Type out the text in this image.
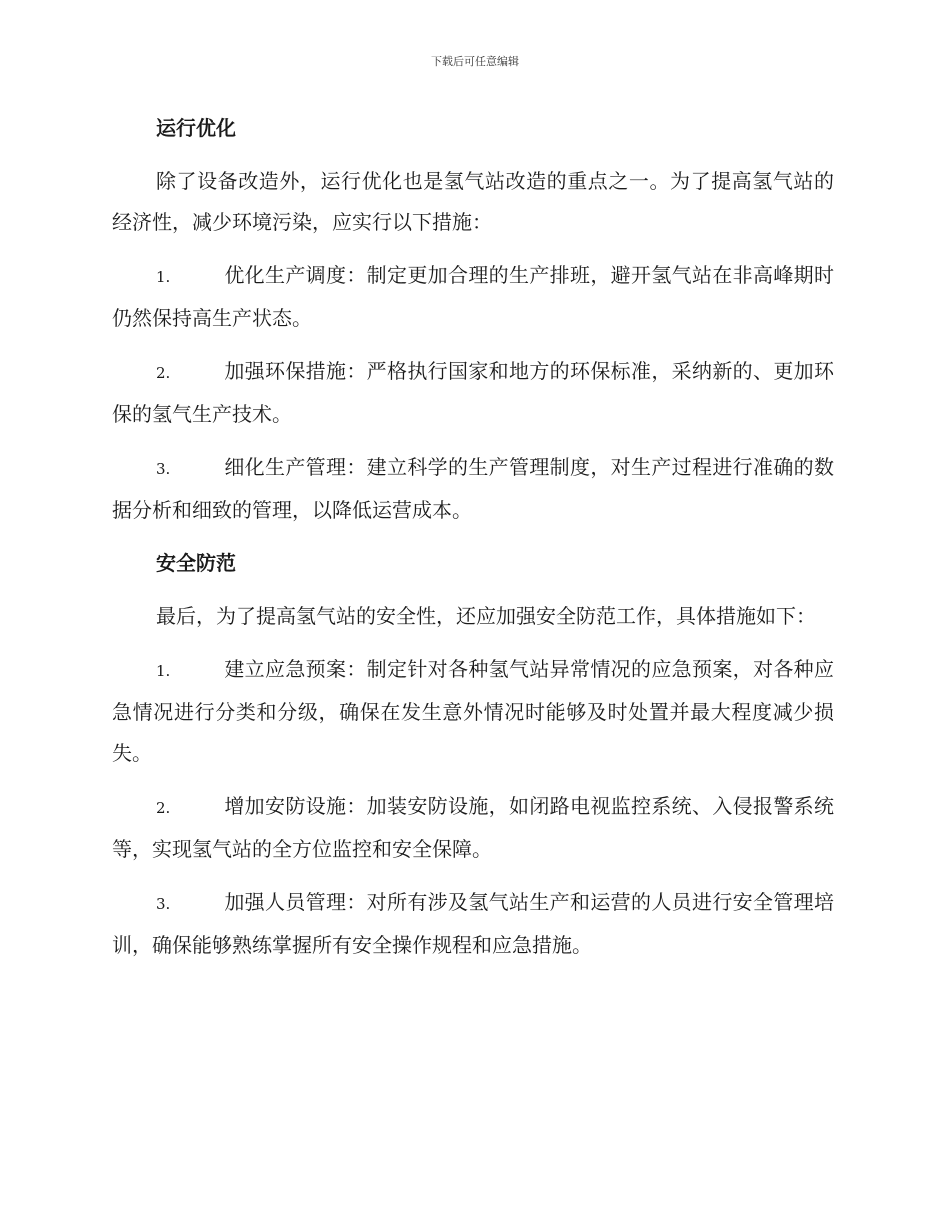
下载后可任意编辑
运行优化

除了设备改造外，运行优化也是氢气站改造的重点之一。为了提高氢气站的经济性，减少环境污染，应实行以下措施：

1.	优化生产调度：制定更加合理的生产排班，避开氢气站在非高峰期时仍然保持高生产状态。

2.	加强环保措施：严格执行国家和地方的环保标准，采纳新的、更加环保的氢气生产技术。

3.	细化生产管理：建立科学的生产管理制度，对生产过程进行准确的数据分析和细致的管理，以降低运营成本。

安全防范

最后，为了提高氢气站的安全性，还应加强安全防范工作，具体措施如下：

1.	建立应急预案：制定针对各种氢气站异常情况的应急预案，对各种应急情况进行分类和分级，确保在发生意外情况时能够及时处置并最大程度减少损失。

2.	增加安防设施：加装安防设施，如闭路电视监控系统、入侵报警系统等，实现氢气站的全方位监控和安全保障。

3.	加强人员管理：对所有涉及氢气站生产和运营的人员进行安全管理培训，确保能够熟练掌握所有安全操作规程和应急措施。
